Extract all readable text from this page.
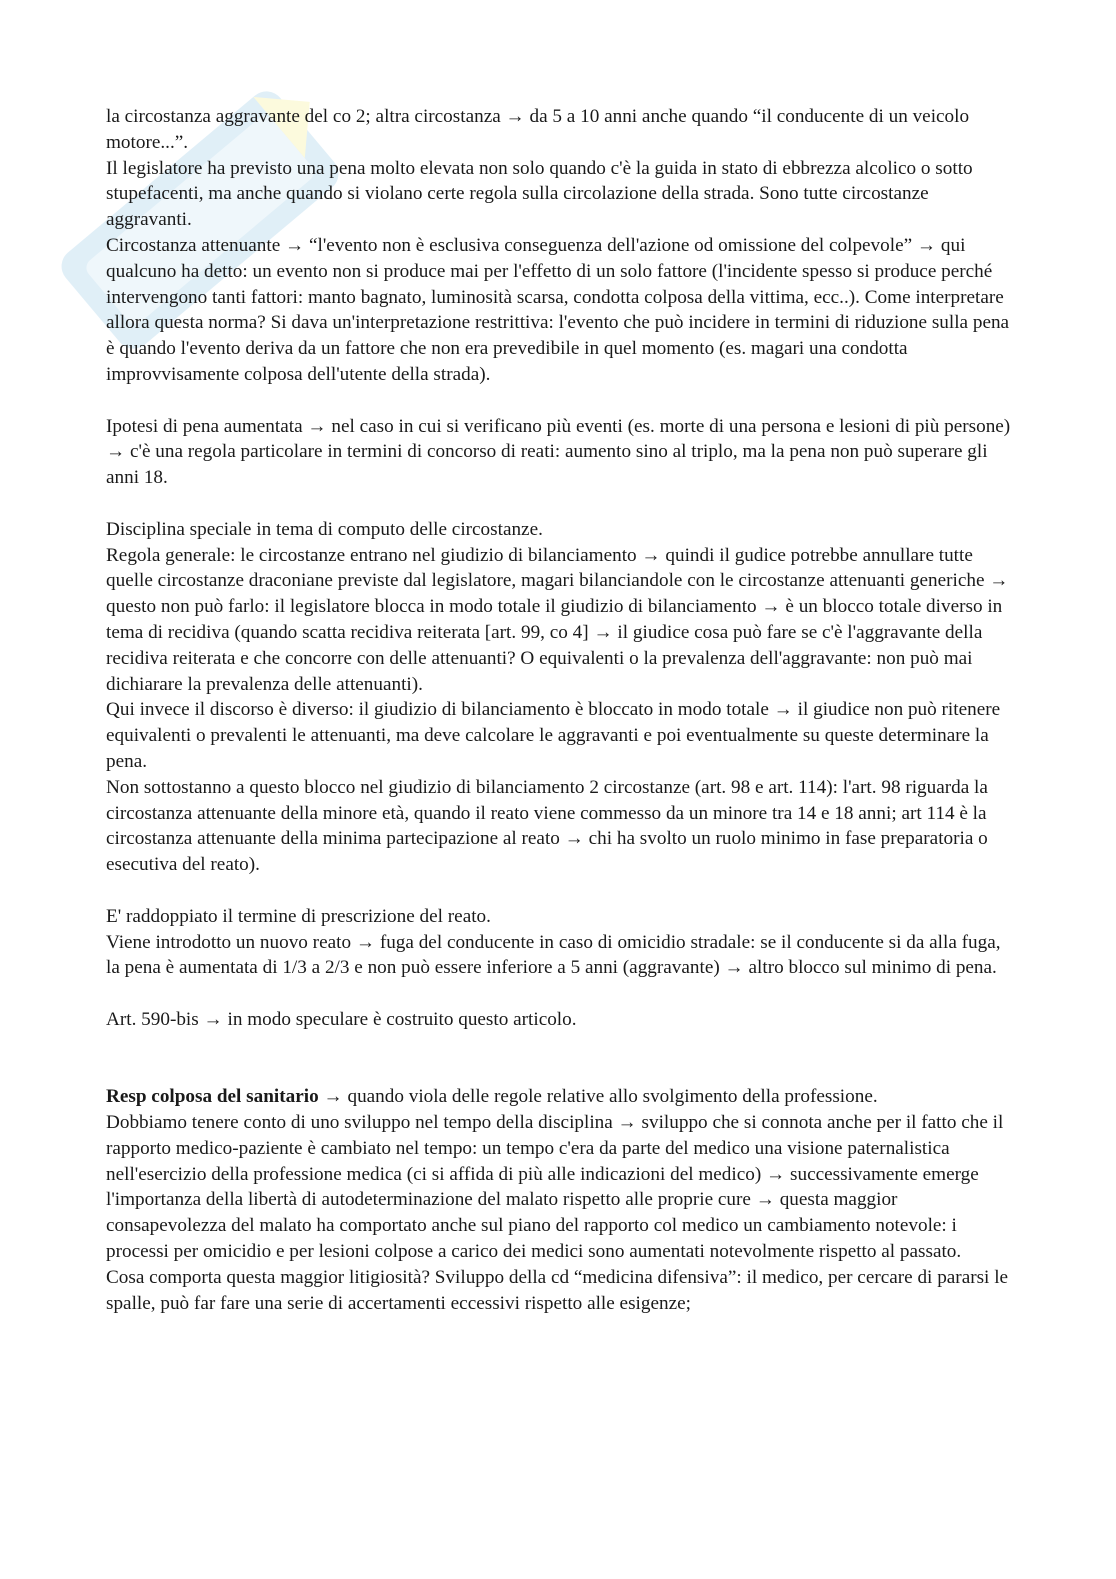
la circostanza aggravante del co 2; altra circostanza → da 5 a 10 anni anche quando “il conducente di un veicolo motore...”.

Il legislatore ha previsto una pena molto elevata non solo quando c'è la guida in stato di ebbrezza alcolico o sotto stupefacenti, ma anche quando si violano certe regola sulla circolazione della strada. Sono tutte circostanze aggravanti.

Circostanza attenuante → “l'evento non è esclusiva conseguenza dell'azione od omissione del colpevole” → qui qualcuno ha detto: un evento non si produce mai per l'effetto di un solo fattore (l'incidente spesso si produce perché intervengono tanti fattori: manto bagnato, luminosità scarsa, condotta colposa della vittima, ecc..). Come interpretare allora questa norma? Si dava un'interpretazione restrittiva: l'evento che può incidere in termini di riduzione sulla pena è quando l'evento deriva da un fattore che non era prevedibile in quel momento (es. magari una condotta improvvisamente colposa dell'utente della strada).

Ipotesi di pena aumentata → nel caso in cui si verificano più eventi (es. morte di una persona e lesioni di più persone) → c'è una regola particolare in termini di concorso di reati: aumento sino al triplo, ma la pena non può superare gli anni 18.

Disciplina speciale in tema di computo delle circostanze.

Regola generale: le circostanze entrano nel giudizio di bilanciamento → quindi il gudice potrebbe annullare tutte quelle circostanze draconiane previste dal legislatore, magari bilanciandole con le circostanze attenuanti generiche → questo non può farlo: il legislatore blocca in modo totale il giudizio di bilanciamento → è un blocco totale diverso in tema di recidiva (quando scatta recidiva reiterata [art. 99, co 4] → il giudice cosa può fare se c'è l'aggravante della recidiva reiterata e che concorre con delle attenuanti? O equivalenti o la prevalenza dell'aggravante: non può mai dichiarare la prevalenza delle attenuanti).

Qui invece il discorso è diverso: il giudizio di bilanciamento è bloccato in modo totale → il giudice non può ritenere equivalenti o prevalenti le attenuanti, ma deve calcolare le aggravanti e poi eventualmente su queste determinare la pena.

Non sottostanno a questo blocco nel giudizio di bilanciamento 2 circostanze (art. 98 e art. 114): l'art. 98 riguarda la circostanza attenuante della minore età, quando il reato viene commesso da un minore tra 14 e 18 anni; art 114 è la circostanza attenuante della minima partecipazione al reato → chi ha svolto un ruolo minimo in fase preparatoria o esecutiva del reato).

E' raddoppiato il termine di prescrizione del reato.

Viene introdotto un nuovo reato → fuga del conducente in caso di omicidio stradale: se il conducente si da alla fuga, la pena è aumentata di 1/3 a 2/3 e non può essere inferiore a 5 anni (aggravante) → altro blocco sul minimo di pena.

Art. 590-bis → in modo speculare è costruito questo articolo.

Resp colposa del sanitario → quando viola delle regole relative allo svolgimento della professione.

Dobbiamo tenere conto di uno sviluppo nel tempo della disciplina → sviluppo che si connota anche per il fatto che il rapporto medico-paziente è cambiato nel tempo: un tempo c'era da parte del medico una visione paternalistica nell'esercizio della professione medica (ci si affida di più alle indicazioni del medico) → successivamente emerge l'importanza della libertà di autodeterminazione del malato rispetto alle proprie cure → questa maggior consapevolezza del malato ha comportato anche sul piano del rapporto col medico un cambiamento notevole: i processi per omicidio e per lesioni colpose a carico dei medici sono aumentati notevolmente rispetto al passato.

Cosa comporta questa maggior litigiosità? Sviluppo della cd “medicina difensiva”: il medico, per cercare di pararsi le spalle, può far fare una serie di accertamenti eccessivi rispetto alle esigenze;
